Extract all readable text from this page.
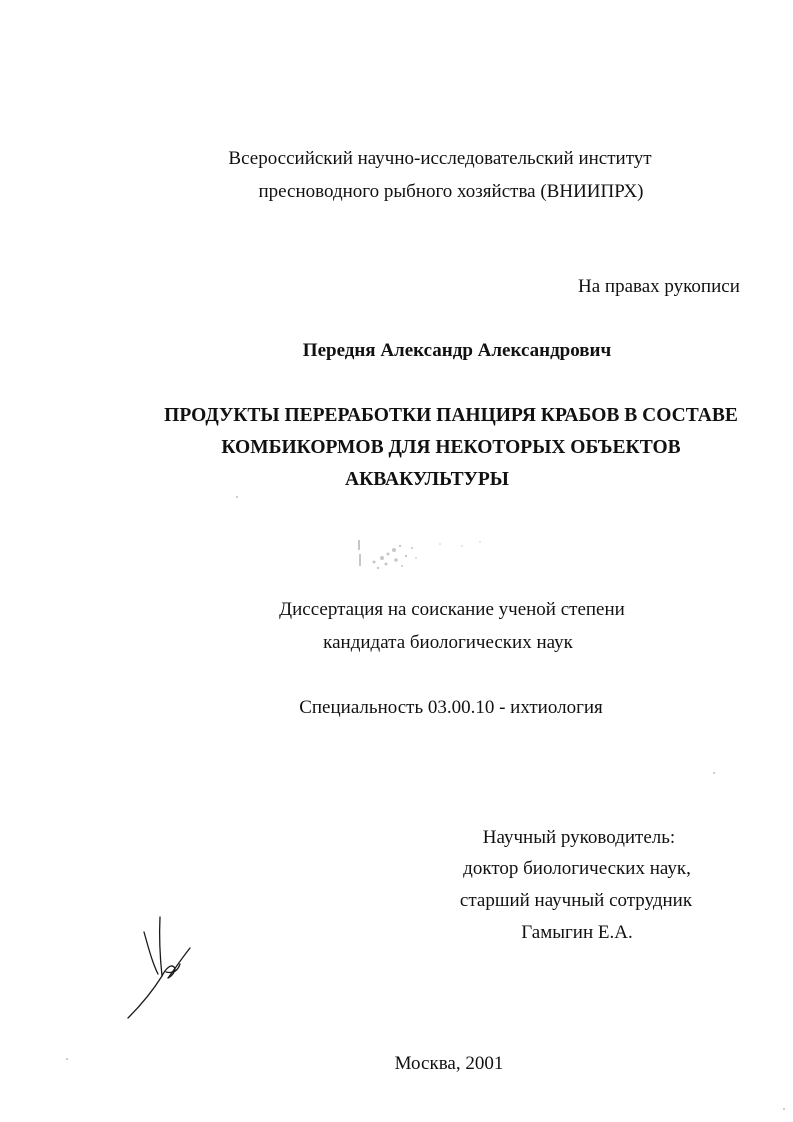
Всероссийский научно-исследовательский институт
пресноводного рыбного хозяйства (ВНИИПРХ)
На правах рукописи
Передня Александр Александрович
ПРОДУКТЫ ПЕРЕРАБОТКИ ПАНЦИРЯ КРАБОВ В СОСТАВЕ
КОМБИКОРМОВ ДЛЯ НЕКОТОРЫХ ОБЪЕКТОВ
АКВАКУЛЬТУРЫ
Диссертация на соискание ученой степени
кандидата биологических наук
Специальность 03.00.10 - ихтиология
Научный руководитель:
доктор биологических наук,
старший научный сотрудник
Гамыгин Е.А.
Москва, 2001
